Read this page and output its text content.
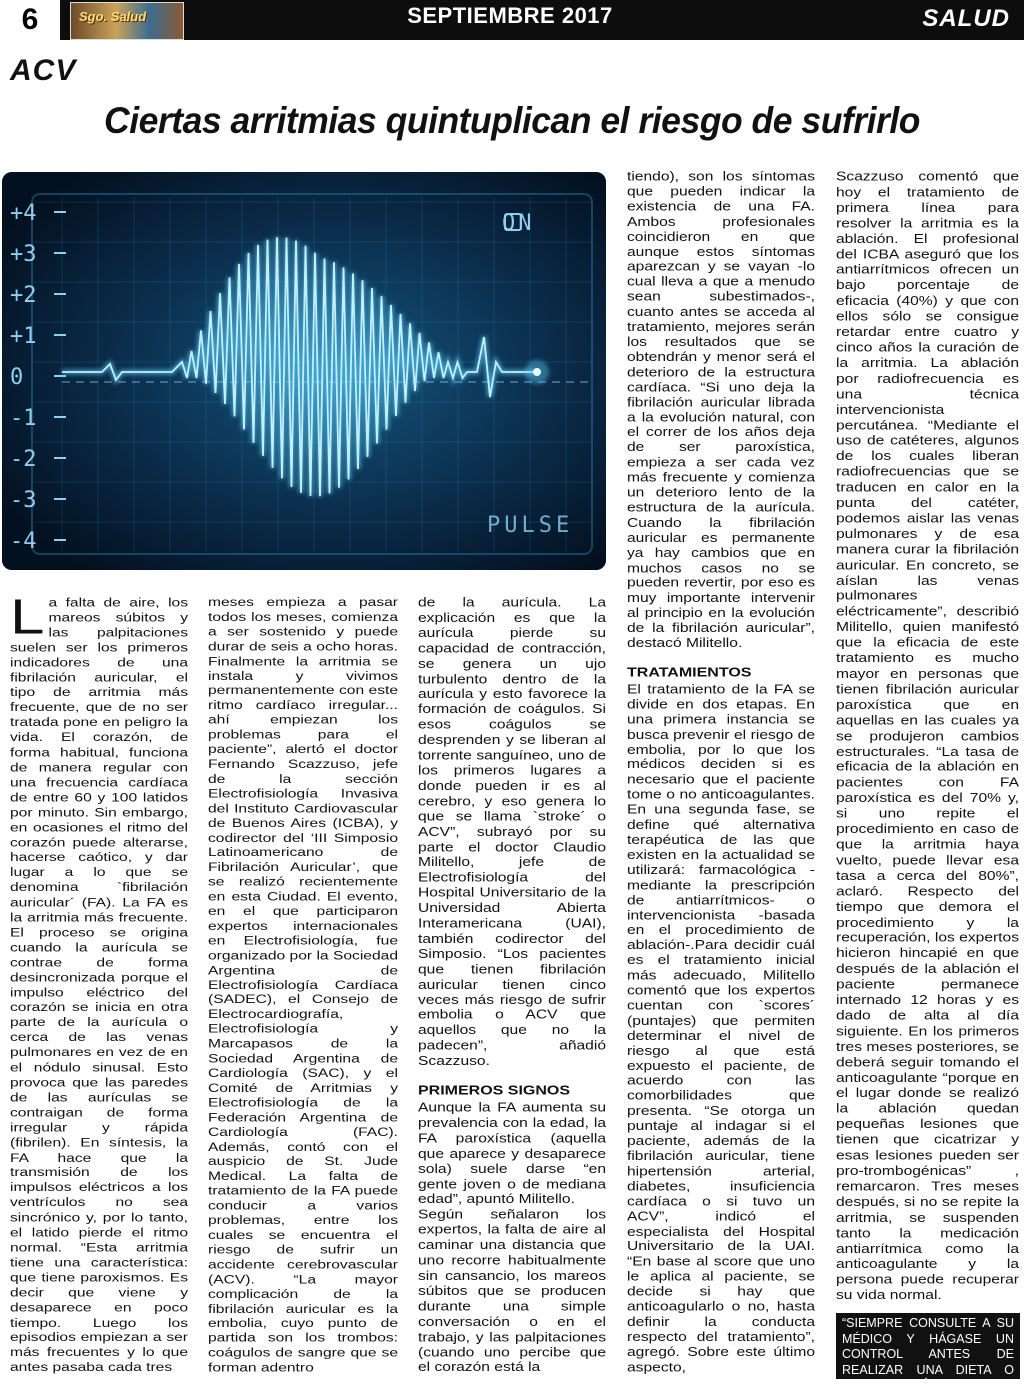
6	Sgo. Salud	SEPTIEMBRE 2017	SALUD
ACV
Ciertas arritmias quintuplican el riesgo de sufrirlo
+4
+3
+2
+1
0
-1
-2
-3
-4
ON
PULSE

La falta de aire, los mareos súbitos y las palpitaciones suelen ser los primeros indicadores de una fibrilación auricular, el tipo de arritmia más frecuente, que de no ser tratada pone en peligro la vida. El corazón, de forma habitual, funciona de manera regular con una frecuencia cardíaca de entre 60 y 100 latidos por minuto. Sin embargo, en ocasiones el ritmo del corazón puede alterarse, hacerse caótico, y dar lugar a lo que se denomina `fibrilación auricular´ (FA). La FA es la arritmia más frecuente. El proceso se origina cuando la aurícula se contrae de forma desincronizada porque el impulso eléctrico del corazón se inicia en otra parte de la aurícula o cerca de las venas pulmonares en vez de en el nódulo sinusal. Esto provoca que las paredes de las aurículas se contraigan de forma irregular y rápida (fibrilen). En síntesis, la FA hace que la transmisión de los impulsos eléctricos a los ventrículos no sea sincrónico y, por lo tanto, el latido pierde el ritmo normal. “Esta arritmia tiene una característica: que tiene paroxismos. Es decir que viene y desaparece en poco tiempo. Luego los episodios empiezan a ser más frecuentes y lo que antes pasaba cada tres

meses empieza a pasar todos los meses, comienza a ser sostenido y puede durar de seis a ocho horas. Finalmente la arritmia se instala y vivimos permanentemente con este ritmo cardíaco irregular... ahí empiezan los problemas para el paciente”, alertó el doctor Fernando Scazzuso, jefe de la sección Electrofisiología Invasiva del Instituto Cardiovascular de Buenos Aires (ICBA), y codirector del ‘III Simposio Latinoamericano de Fibrilación Auricular’, que se realizó recientemente en esta Ciudad. El evento, en el que participaron expertos internacionales en Electrofisiología, fue organizado por la Sociedad Argentina de Electrofisiología Cardíaca (SADEC), el Consejo de Electrocardiografía, Electrofisiología y Marcapasos de la Sociedad Argentina de Cardiología (SAC), y el Comité de Arritmias y Electrofisiología de la Federación Argentina de Cardiología (FAC). Además, contó con el auspicio de St. Jude Medical. La falta de tratamiento de la FA puede conducir a varios problemas, entre los cuales se encuentra el riesgo de sufrir un accidente cerebrovascular (ACV). “La mayor complicación de la fibrilación auricular es la embolia, cuyo punto de partida son los trombos: coágulos de sangre que se forman adentro

de la aurícula. La explicación es que la aurícula pierde su capacidad de contracción, se genera un ujo turbulento dentro de la aurícula y esto favorece la formación de coágulos. Si esos coágulos se desprenden y se liberan al torrente sanguíneo, uno de los primeros lugares a donde pueden ir es al cerebro, y eso genera lo que se llama `stroke´ o ACV”, subrayó por su parte el doctor Claudio Militello, jefe de Electrofisiología del Hospital Universitario de la Universidad Abierta Interamericana (UAI), también codirector del Simposio. “Los pacientes que tienen fibrilación auricular tienen cinco veces más riesgo de sufrir embolia o ACV que aquellos que no la padecen”, añadió Scazzuso.

PRIMEROS SIGNOS

Aunque la FA aumenta su prevalencia con la edad, la FA paroxística (aquella que aparece y desaparece sola) suele darse “en gente joven o de mediana edad”, apuntó Militello.

Según señalaron los expertos, la falta de aire al caminar una distancia que uno recorre habitualmente sin cansancio, los mareos súbitos que se producen durante una simple conversación o en el trabajo, y las palpitaciones (cuando uno percibe que el corazón está la

tiendo), son los síntomas que pueden indicar la existencia de una FA. Ambos profesionales coincidieron en que aunque estos síntomas aparezcan y se vayan -lo cual lleva a que a menudo sean subestimados-, cuanto antes se acceda al tratamiento, mejores serán los resultados que se obtendrán y menor será el deterioro de la estructura cardíaca. “Si uno deja la fibrilación auricular librada a la evolución natural, con el correr de los años deja de ser paroxística, empieza a ser cada vez más frecuente y comienza un deterioro lento de la estructura de la aurícula. Cuando la fibrilación auricular es permanente ya hay cambios que en muchos casos no se pueden revertir, por eso es muy importante intervenir al principio en la evolución de la fibrilación auricular”, destacó Militello.

TRATAMIENTOS

El tratamiento de la FA se divide en dos etapas. En una primera instancia se busca prevenir el riesgo de embolia, por lo que los médicos deciden si es necesario que el paciente tome o no anticoagulantes. En una segunda fase, se define qué alternativa terapéutica de las que existen en la actualidad se utilizará: farmacológica -mediante la prescripción de antiarrítmicos- o intervencionista -basada en el procedimiento de ablación-.Para decidir cuál es el tratamiento inicial más adecuado, Militello comentó que los expertos cuentan con `scores´ (puntajes) que permiten determinar el nivel de riesgo al que está expuesto el paciente, de acuerdo con las comorbilidades que presenta. “Se otorga un puntaje al indagar si el paciente, además de la fibrilación auricular, tiene hipertensión arterial, diabetes, insuficiencia cardíaca o si tuvo un ACV”, indicó el especialista del Hospital Universitario de la UAI. “En base al score que uno le aplica al paciente, se decide si hay que anticoagularlo o no, hasta definir la conducta respecto del tratamiento”, agregó. Sobre este último aspecto,

Scazzuso comentó que hoy el tratamiento de primera línea para resolver la arritmia es la ablación. El profesional del ICBA aseguró que los antiarrítmicos ofrecen un bajo porcentaje de eficacia (40%) y que con ellos sólo se consigue retardar entre cuatro y cinco años la curación de la arritmia. La ablación por radiofrecuencia es una técnica intervencionista percutánea. “Mediante el uso de catéteres, algunos de los cuales liberan radiofrecuencias que se traducen en calor en la punta del catéter, podemos aislar las venas pulmonares y de esa manera curar la fibrilación auricular. En concreto, se aíslan las venas pulmonares eléctricamente”, describió Militello, quien manifestó que la eficacia de este tratamiento es mucho mayor en personas que tienen fibrilación auricular paroxística que en aquellas en las cuales ya se produjeron cambios estructurales. “La tasa de eficacia de la ablación en pacientes con FA paroxística es del 70% y, si uno repite el procedimiento en caso de que la arritmia haya vuelto, puede llevar esa tasa a cerca del 80%”, aclaró. Respecto del tiempo que demora el procedimiento y la recuperación, los expertos hicieron hincapié en que después de la ablación el paciente permanece internado 12 horas y es dado de alta al día siguiente. En los primeros tres meses posteriores, se deberá seguir tomando el anticoagulante “porque en el lugar donde se realizó la ablación quedan pequeñas lesiones que tienen que cicatrizar y esas lesiones pueden ser pro-trombogénicas” , remarcaron. Tres meses después, si no se repite la arritmia, se suspenden tanto la medicación antiarrítmica como la anticoagulante y la persona puede recuperar su vida normal.

“SIEMPRE CONSULTE A SU MÉDICO Y HÁGASE UN CONTROL ANTES DE REALIZAR UNA DIETA O ACTIVADAD FÍSICA”
